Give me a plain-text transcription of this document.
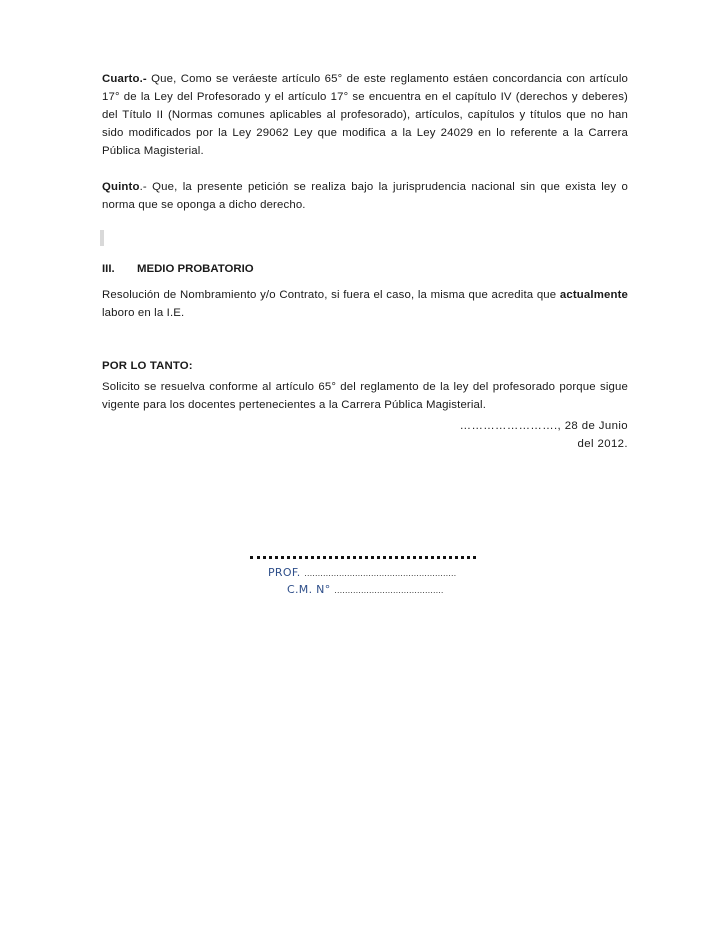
Cuarto.- Que, Como se veráeste artículo 65° de este reglamento estáen concordancia con artículo 17° de la Ley del Profesorado y el artículo 17° se encuentra en el capítulo IV (derechos y deberes) del Título II (Normas comunes aplicables al profesorado), artículos, capítulos y títulos que no han sido modificados por la Ley 29062 Ley que modifica a la Ley 24029 en lo referente a la Carrera Pública Magisterial.

Quinto.- Que, la presente petición se realiza bajo la jurisprudencia nacional sin que exista ley o norma que se oponga a dicho derecho.

III. MEDIO PROBATORIO

Resolución de Nombramiento y/o Contrato, si fuera el caso, la misma que acredita que actualmente laboro en la I.E.

POR LO TANTO:

Solicito se resuelva conforme al artículo 65° del reglamento de la ley del profesorado porque sigue vigente para los docentes pertenecientes a la Carrera Pública Magisterial.

……………………., 28 de Junio

del 2012.

PROF. …………………………………………………

C.M. N° …………………………………..
